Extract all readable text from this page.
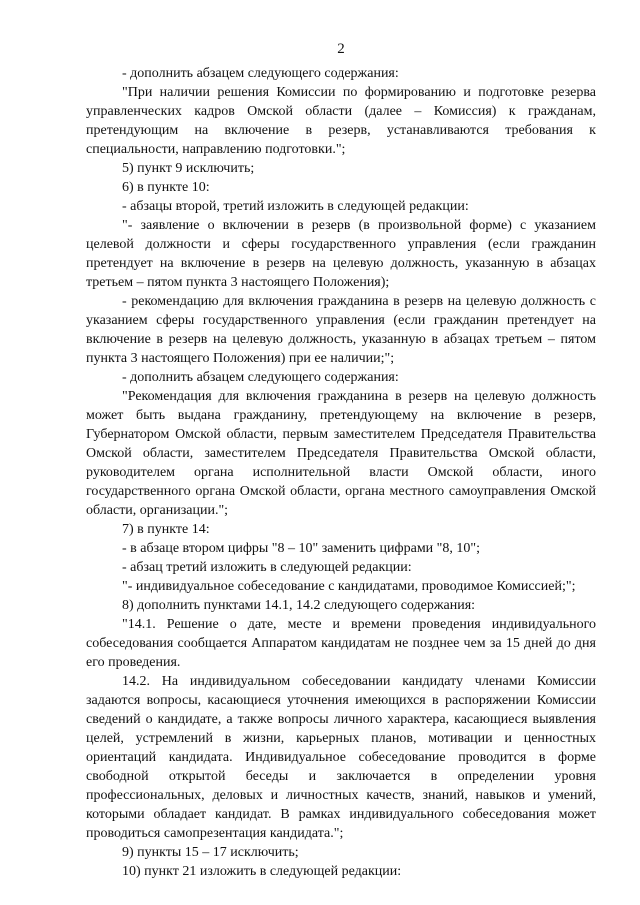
2

- дополнить абзацем следующего содержания:

"При наличии решения Комиссии по формированию и подготовке резерва управленческих кадров Омской области (далее – Комиссия) к гражданам, претендующим на включение в резерв, устанавливаются требования к специальности, направлению подготовки.";

5) пункт 9 исключить;

6) в пункте 10:

- абзацы второй, третий изложить в следующей редакции:

"- заявление о включении в резерв (в произвольной форме) с указанием целевой должности и сферы государственного управления (если гражданин претендует на включение в резерв на целевую должность, указанную в абзацах третьем – пятом пункта 3 настоящего Положения);

- рекомендацию для включения гражданина в резерв на целевую должность с указанием сферы государственного управления (если гражданин претендует на включение в резерв на целевую должность, указанную в абзацах третьем – пятом пункта 3 настоящего Положения) при ее наличии;";

- дополнить абзацем следующего содержания:

"Рекомендация для включения гражданина в резерв на целевую должность может быть выдана гражданину, претендующему на включение в резерв, Губернатором Омской области, первым заместителем Председателя Правительства Омской области, заместителем Председателя Правительства Омской области, руководителем органа исполнительной власти Омской области, иного государственного органа Омской области, органа местного самоуправления Омской области, организации.";

7) в пункте 14:

- в абзаце втором цифры "8 – 10" заменить цифрами "8, 10";

- абзац третий изложить в следующей редакции:

"- индивидуальное собеседование с кандидатами, проводимое Комиссией;";

8) дополнить пунктами 14.1, 14.2 следующего содержания:

"14.1. Решение о дате, месте и времени проведения индивидуального собеседования сообщается Аппаратом кандидатам не позднее чем за 15 дней до дня его проведения.

14.2. На индивидуальном собеседовании кандидату членами Комиссии задаются вопросы, касающиеся уточнения имеющихся в распоряжении Комиссии сведений о кандидате, а также вопросы личного характера, касающиеся выявления целей, устремлений в жизни, карьерных планов, мотивации и ценностных ориентаций кандидата. Индивидуальное собеседование проводится в форме свободной открытой беседы и заключается в определении уровня профессиональных, деловых и личностных качеств, знаний, навыков и умений, которыми обладает кандидат. В рамках индивидуального собеседования может проводиться самопрезентация кандидата.";

9) пункты 15 – 17 исключить;

10) пункт 21 изложить в следующей редакции:
